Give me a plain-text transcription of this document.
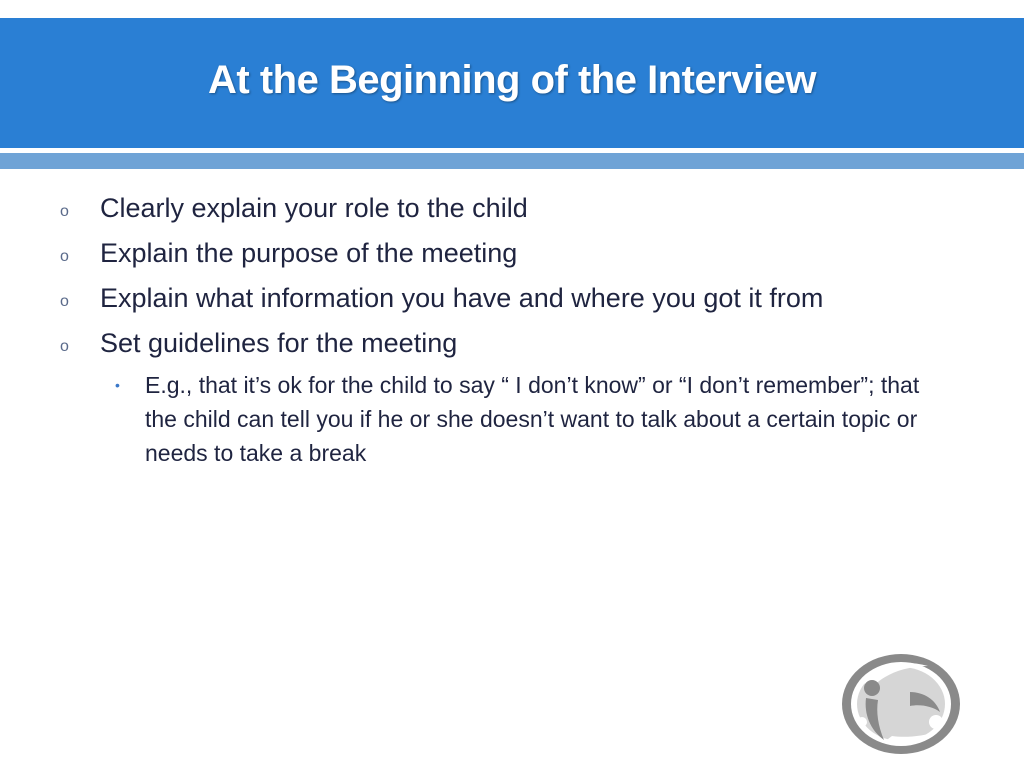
At the Beginning of the Interview
o Clearly explain your role to the child
o Explain the purpose of the meeting
o Explain what information you have and where you got it from
o Set guidelines for the meeting
• E.g., that it’s ok for the child to say “ I don’t know” or “I don’t remember”; that the child can tell you if he or she doesn’t want to talk about a certain topic or needs to take a break
